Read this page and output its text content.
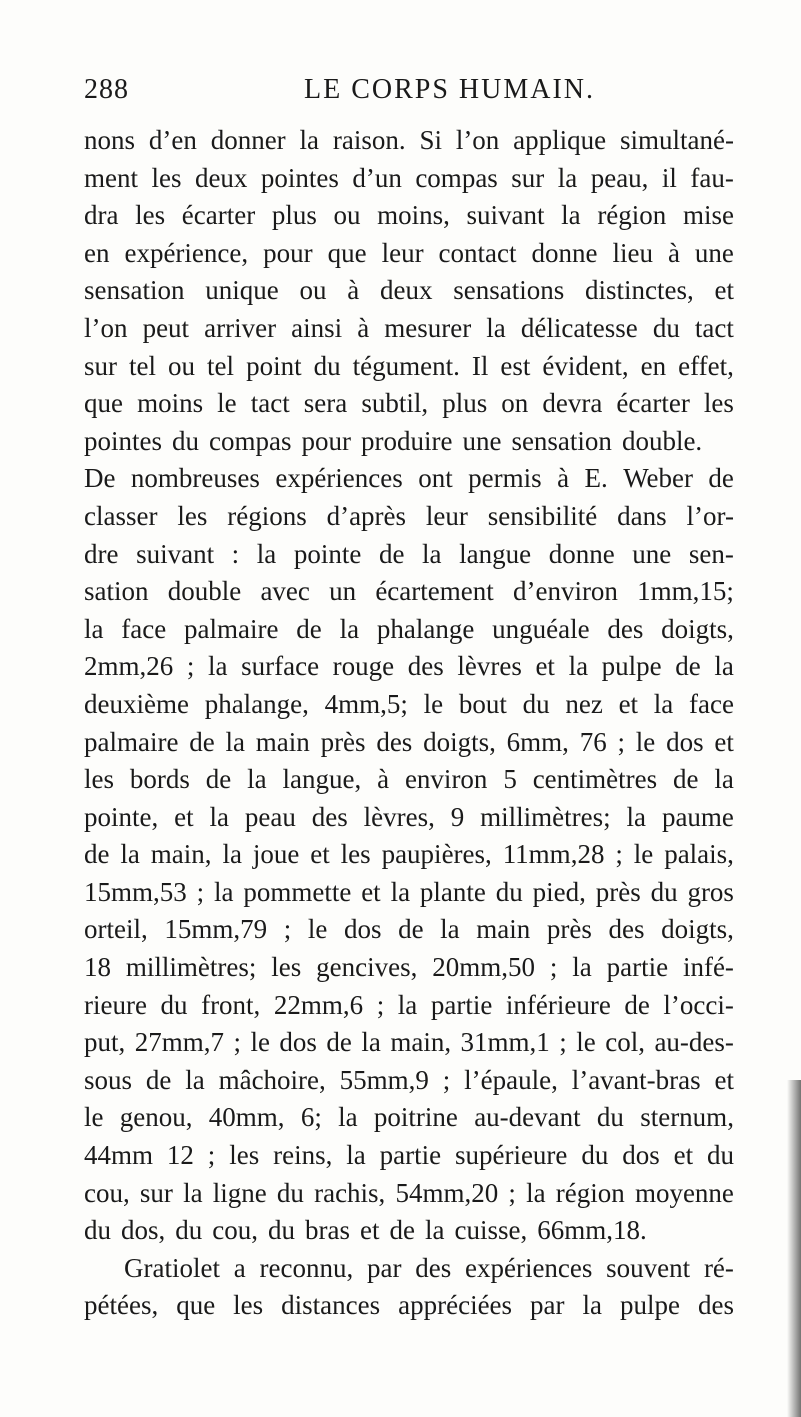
288	LE CORPS HUMAIN.
nons d’en donner la raison. Si l’on applique simultané-
ment les deux pointes d’un compas sur la peau, il fau-
dra les écarter plus ou moins, suivant la région mise
en expérience, pour que leur contact donne lieu à une
sensation unique ou à deux sensations distinctes, et
l’on peut arriver ainsi à mesurer la délicatesse du tact
sur tel ou tel point du tégument. Il est évident, en effet,
que moins le tact sera subtil, plus on devra écarter les
pointes du compas pour produire une sensation double.
De nombreuses expériences ont permis à E. Weber de
classer les régions d’après leur sensibilité dans l’or-
dre suivant : la pointe de la langue donne une sen-
sation double avec un écartement d’environ 1mm,15;
la face palmaire de la phalange unguéale des doigts,
2mm,26 ; la surface rouge des lèvres et la pulpe de la
deuxième phalange, 4mm,5; le bout du nez et la face
palmaire de la main près des doigts, 6mm, 76 ; le dos et
les bords de la langue, à environ 5 centimètres de la
pointe, et la peau des lèvres, 9 millimètres; la paume
de la main, la joue et les paupières, 11mm,28 ; le palais,
15mm,53 ; la pommette et la plante du pied, près du gros
orteil, 15mm,79 ; le dos de la main près des doigts,
18 millimètres; les gencives, 20mm,50 ; la partie infé-
rieure du front, 22mm,6 ; la partie inférieure de l’occi-
put, 27mm,7 ; le dos de la main, 31mm,1 ; le col, au-des-
sous de la mâchoire, 55mm,9 ; l’épaule, l’avant-bras et
le genou, 40mm, 6; la poitrine au-devant du sternum,
44mm 12 ; les reins, la partie supérieure du dos et du
cou, sur la ligne du rachis, 54mm,20 ; la région moyenne
du dos, du cou, du bras et de la cuisse, 66mm,18.
Gratiolet a reconnu, par des expériences souvent ré-
pétées, que les distances appréciées par la pulpe des
